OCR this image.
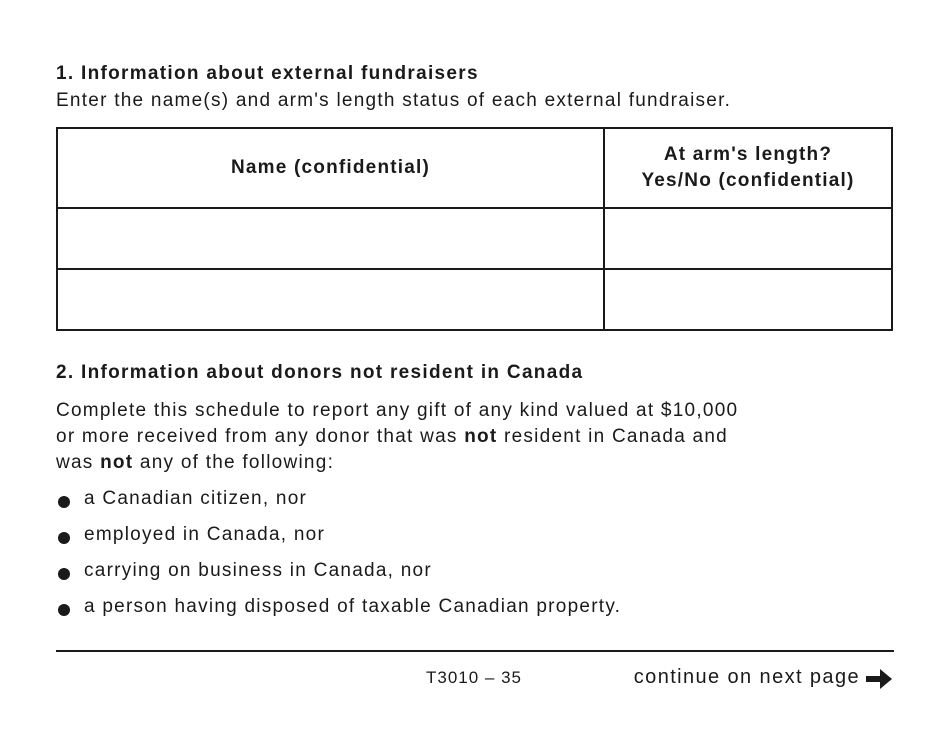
1. Information about external fundraisers
Enter the name(s) and arm's length status of each external fundraiser.
Name (confidential)	At arm's length?
Yes/No (confidential)

2. Information about donors not resident in Canada
Complete this schedule to report any gift of any kind valued at $10,000
or more received from any donor that was not resident in Canada and
was not any of the following:
a Canadian citizen, nor
employed in Canada, nor
carrying on business in Canada, nor
a person having disposed of taxable Canadian property.
T3010 – 35	continue on next page
